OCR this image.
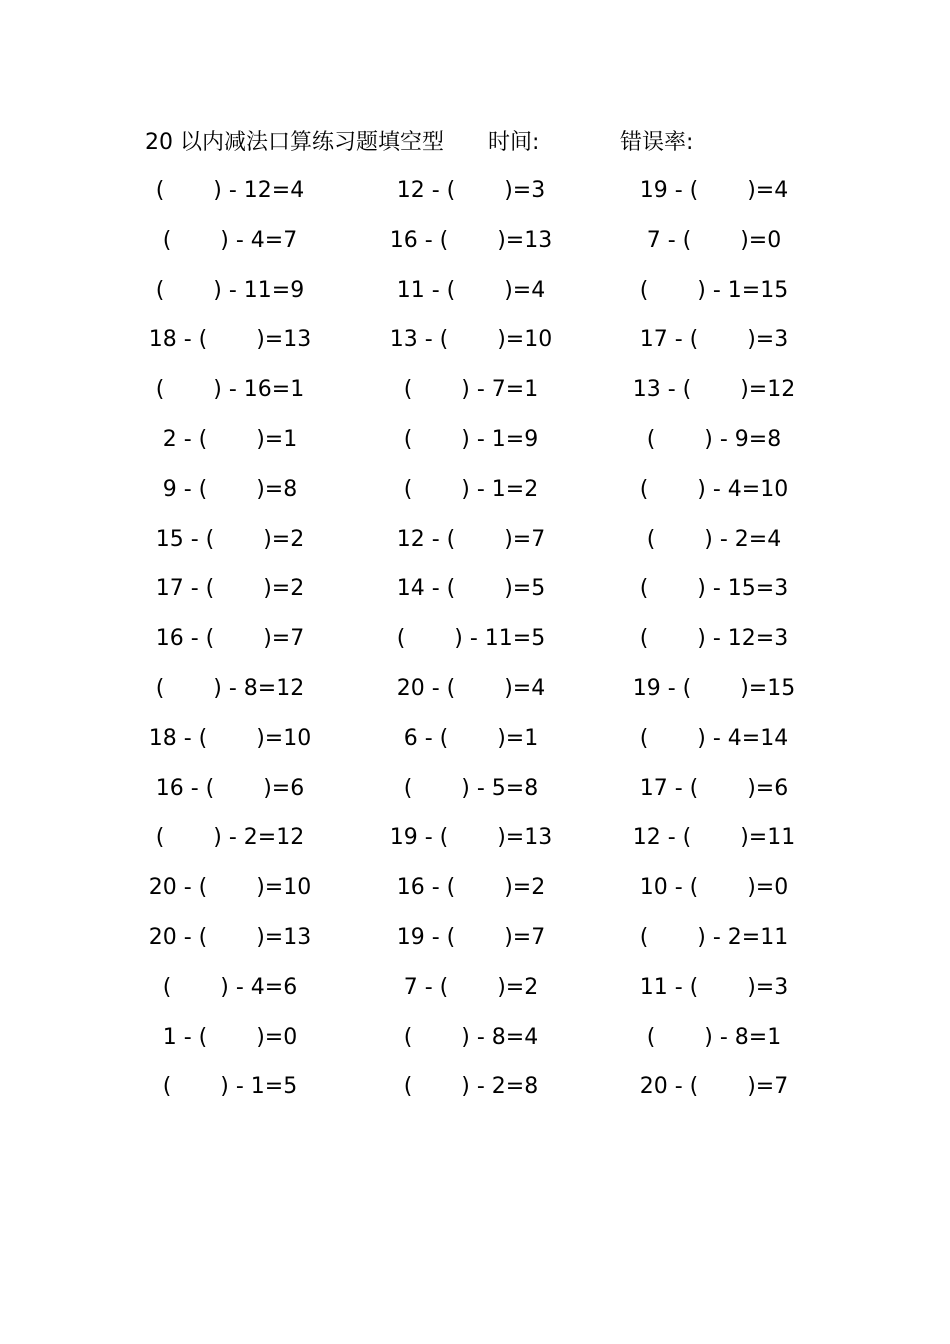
20 以内减法口算练习题填空型 时间:	错误率:
(       ) - 12=4	12 - (       )=3	19 - (       )=4
(       ) - 4=7	16 - (       )=13	7 - (       )=0
(       ) - 11=9	11 - (       )=4	(       ) - 1=15
18 - (       )=13	13 - (       )=10	17 - (       )=3
(       ) - 16=1	(       ) - 7=1	13 - (       )=12
2 - (       )=1	(       ) - 1=9	(       ) - 9=8
9 - (       )=8	(       ) - 1=2	(       ) - 4=10
15 - (       )=2	12 - (       )=7	(       ) - 2=4
17 - (       )=2	14 - (       )=5	(       ) - 15=3
16 - (       )=7	(       ) - 11=5	(       ) - 12=3
(       ) - 8=12	20 - (       )=4	19 - (       )=15
18 - (       )=10	6 - (       )=1	(       ) - 4=14
16 - (       )=6	(       ) - 5=8	17 - (       )=6
(       ) - 2=12	19 - (       )=13	12 - (       )=11
20 - (       )=10	16 - (       )=2	10 - (       )=0
20 - (       )=13	19 - (       )=7	(       ) - 2=11
(       ) - 4=6	7 - (       )=2	11 - (       )=3
1 - (       )=0	(       ) - 8=4	(       ) - 8=1
(       ) - 1=5	(       ) - 2=8	20 - (       )=7
